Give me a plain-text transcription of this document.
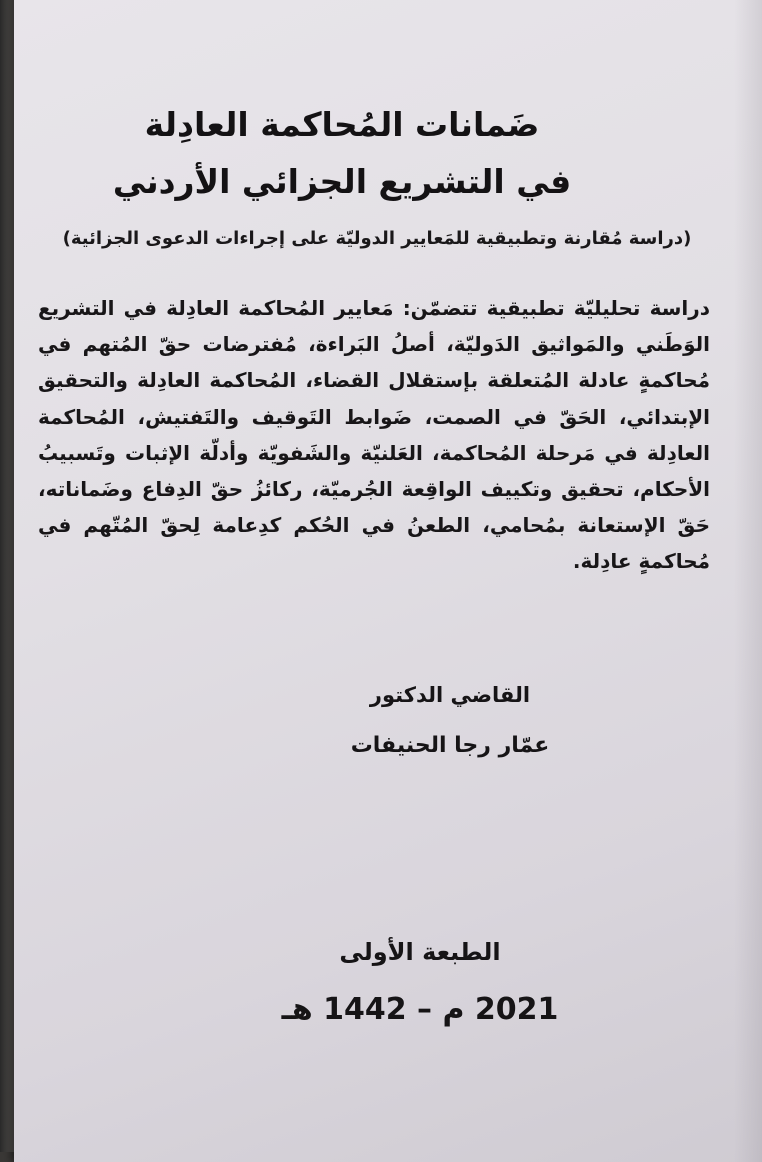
ضَمانات المُحاكمة العادِلة
في التشريع الجزائي الأردني
(دراسة مُقارنة وتطبيقية للمَعايير الدوليّة على إجراءات الدعوى الجزائية)
دراسة تحليليّة تطبيقية تتضمّن: مَعايير المُحاكمة العادِلة في التشريع الوَطَني والمَواثيق الدَوليّة، أصلُ البَراءة، مُفترضات حقّ المُتهم في مُحاكمةٍ عادلة المُتعلقة بإستقلال القضاء، المُحاكمة العادِلة والتحقيق الإبتدائي، الحَقّ في الصمت، ضَوابط التَوقيف والتَفتيش، المُحاكمة العادِلة في مَرحلة المُحاكمة، العَلنيّة والشَفويّة وأدلّة الإثبات وتَسبيبُ الأحكام، تحقيق وتكييف الواقِعة الجُرميّة، ركائزُ حقّ الدِفاع وضَماناته، حَقّ الإستعانة بمُحامي، الطعنُ في الحُكم كدِعامة لِحقّ المُتّهم في مُحاكمةٍ عادِلة.
القاضي الدكتور
عمّار رجا الحنيفات
الطبعة الأولى
2021 م – 1442 هـ
